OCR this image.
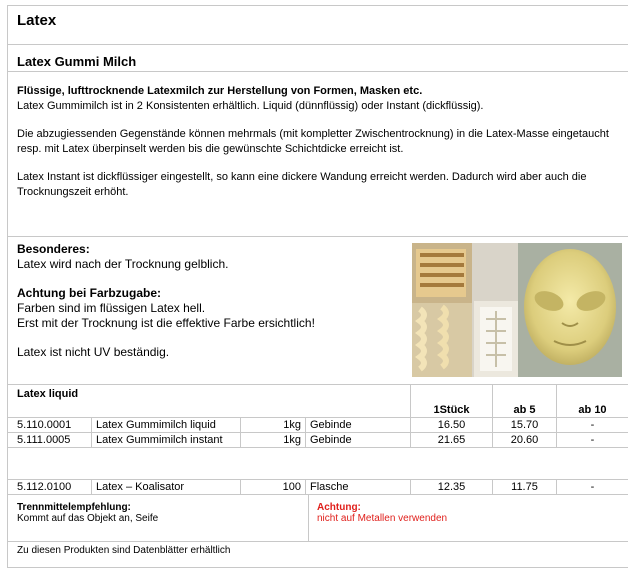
Latex
Latex Gummi Milch

Flüssige, lufttrocknende Latexmilch zur Herstellung von Formen, Masken etc.
Latex Gummimilch ist in 2 Konsistenten erhältlich. Liquid (dünnflüssig) oder Instant (dickflüssig).

Die abzugiessenden Gegenstände können mehrmals (mit kompletter Zwischentrocknung) in die Latex-Masse eingetaucht resp. mit Latex überpinselt werden bis die gewünschte Schichtdicke erreicht ist.

Latex Instant ist dickflüssiger eingestellt, so kann eine dickere Wandung erreicht werden. Dadurch wird aber auch die Trocknungszeit erhöht.

Besonderes:
Latex wird nach der Trocknung gelblich.

Achtung bei Farbzugabe:
Farben sind im flüssigen Latex hell.
Erst mit der Trocknung ist die effektive Farbe ersichtlich!

Latex ist nicht UV beständig.

Latex liquid						
				1Stück	ab 5	ab 10
5.110.0001	Latex Gummimilch liquid	1kg	Gebinde	16.50	15.70	-
5.111.0005	Latex Gummimilch instant	1kg	Gebinde	21.65	20.60	-

5.112.0100	Latex – Koalisator	100	Flasche	12.35	11.75	-
Trennmittelempfehlung:
Kommt auf das Objekt an, Seife
Achtung:
nicht auf Metallen verwenden
Zu diesen Produkten sind Datenblätter erhältlich
